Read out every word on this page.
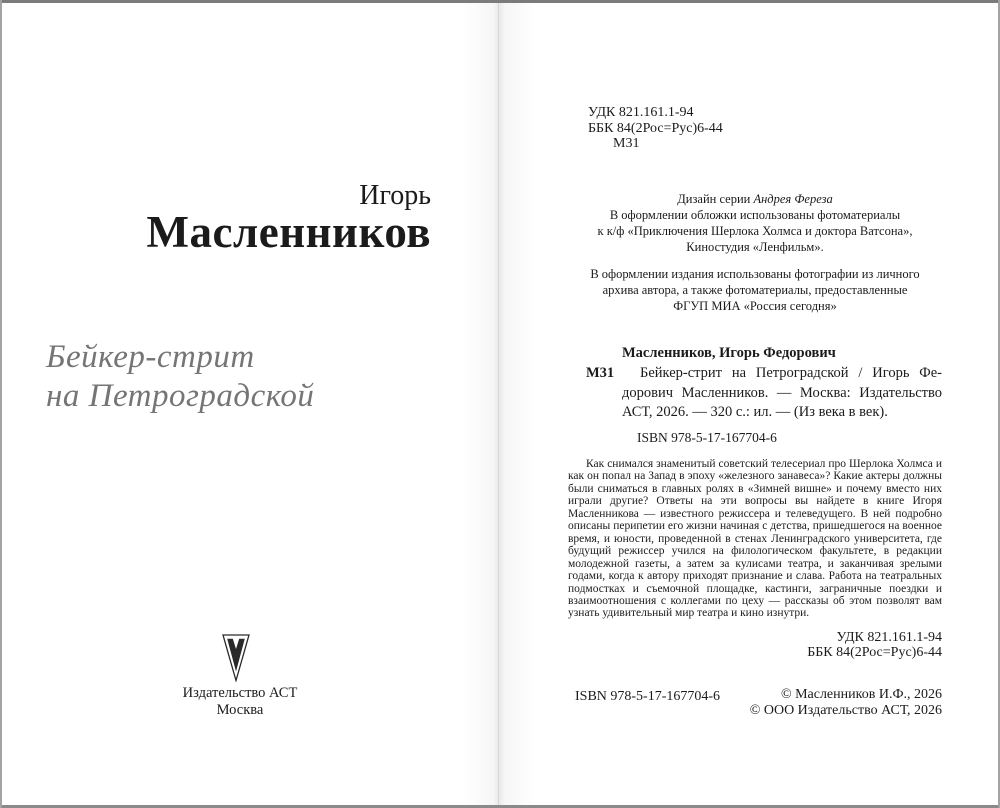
Игорь
Масленников
Бейкер-стрит
на Петроградской
Издательство АСТ
Москва
УДК 821.161.1-94
ББК 84(2Рос=Рус)6-44
М31
Дизайн серии Андрея Фереза
В оформлении обложки использованы фотоматериалы
к к/ф «Приключения Шерлока Холмса и доктора Ватсона»,
Киностудия «Ленфильм».
В оформлении издания использованы фотографии из личного
архива автора, а также фотоматериалы, предоставленные
ФГУП МИА «Россия сегодня»
Масленников, Игорь Федорович
М31	Бейкер-стрит на Петроградской / Игорь Фе-
дорович Масленников. — Москва: Издательство
АСТ, 2026. — 320 с.: ил. — (Из века в век).
ISBN 978-5-17-167704-6
Как снимался знаменитый советский телесериал про Шерлока Холмса и как он попал на Запад в эпоху «железного занавеса»? Какие актеры должны были сниматься в главных ролях в «Зимней вишне» и почему вместо них играли другие? Ответы на эти вопросы вы найдете в книге Игоря Масленникова — известного режиссера и телеведущего. В ней подробно описаны перипетии его жизни начиная с детства, пришедшегося на военное время, и юности, проведенной в стенах Ленинградского университета, где будущий режиссер учился на филологическом факультете, в редакции молодежной газеты, а затем за кулисами театра, и заканчивая зрелыми годами, когда к автору приходят признание и слава. Работа на театральных подмостках и съемочной площадке, кастинги, заграничные поездки и взаимоотношения с коллегами по цеху — рассказы об этом позволят вам узнать удивительный мир театра и кино изнутри.
УДК 821.161.1-94
ББК 84(2Рос=Рус)6-44
ISBN 978-5-17-167704-6	© Масленников И.Ф., 2026
© ООО Издательство АСТ, 2026
